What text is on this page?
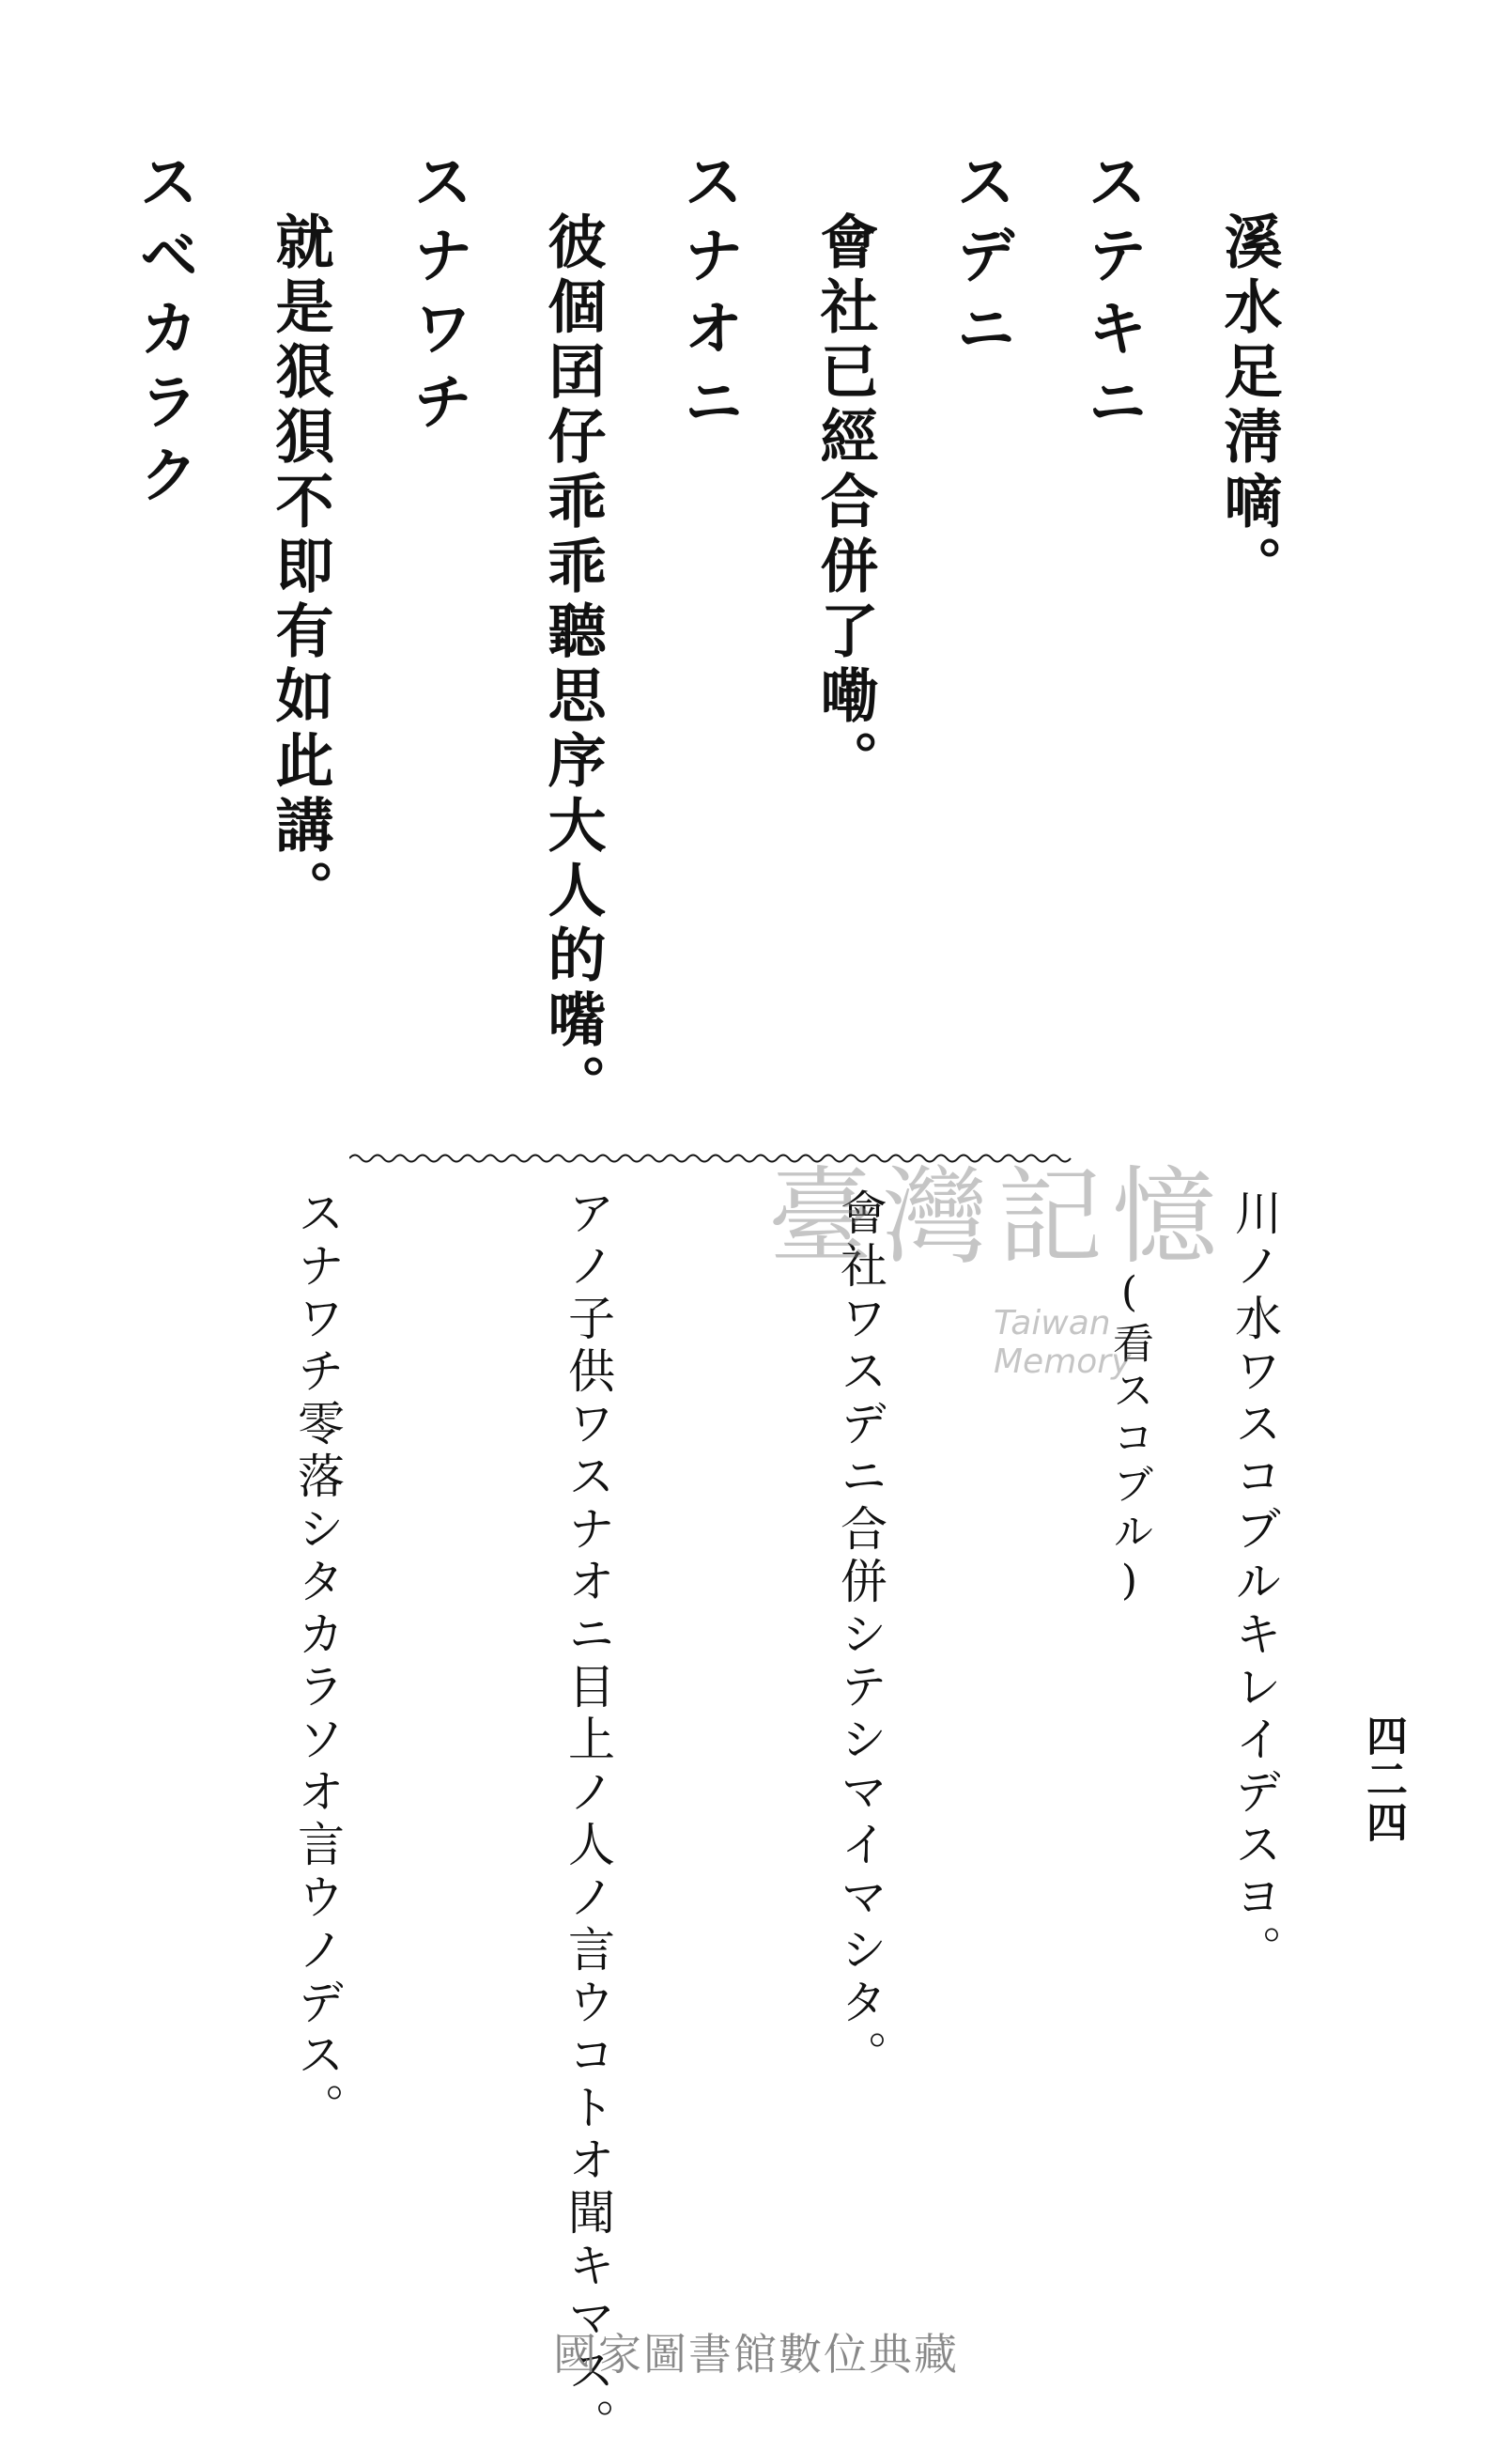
ステキニ 溪水足淸嘀。
スデニ
會社已經合併了嘞。
スナオニ
彼個囝仔乖乖聽思序大人的嘴。
スナワチ
就是狠狽不即有如此講。
スベカラク
川ノ水ワスコブルキレイデスヨ。
(看スコブル)
會社ワスデニ合併シテシマイマシタ。
アノ子供ワスナオニ目上ノ人ノ言ウコトオ聞キマス。
スナワチ零落シタカラソオ言ウノデス。	四二四
臺灣記憶
Taiwan Memory
國家圖書館數位典藏
